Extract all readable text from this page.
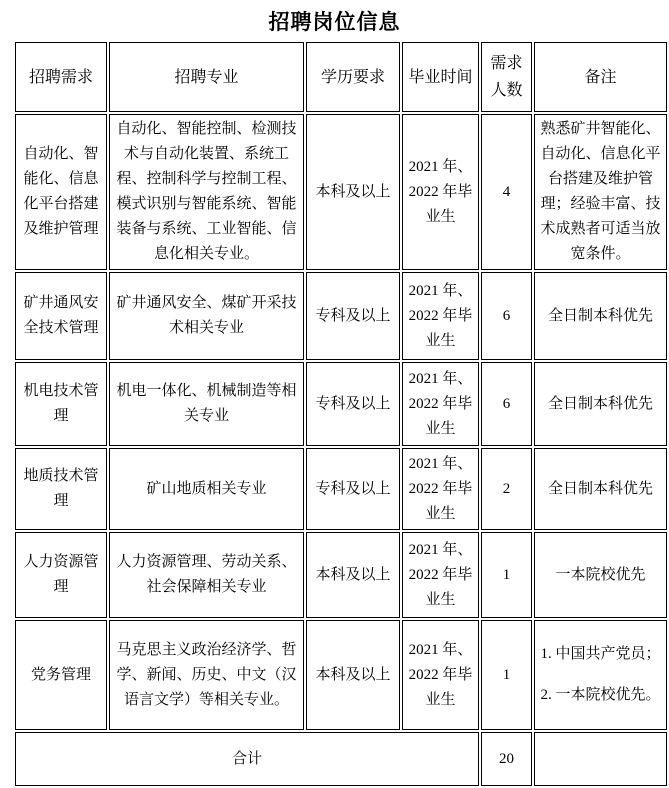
招聘岗位信息
招聘需求	招聘专业	学历要求	毕业时间	需求人数	备注
自动化、智能化、信息化平台搭建及维护管理	自动化、智能控制、检测技术与自动化装置、系统工程、控制科学与控制工程、模式识别与智能系统、智能装备与系统、工业智能、信息化相关专业。	本科及以上	2021 年、2022 年毕业生	4	熟悉矿井智能化、自动化、信息化平台搭建及维护管理；经验丰富、技术成熟者可适当放宽条件。
矿井通风安全技术管理	矿井通风安全、煤矿开采技术相关专业	专科及以上	2021 年、2022 年毕业生	6	全日制本科优先
机电技术管理	机电一体化、机械制造等相关专业	专科及以上	2021 年、2022 年毕业生	6	全日制本科优先
地质技术管理	矿山地质相关专业	专科及以上	2021 年、2022 年毕业生	2	全日制本科优先
人力资源管理	人力资源管理、劳动关系、社会保障相关专业	本科及以上	2021 年、2022 年毕业生	1	一本院校优先
党务管理	马克思主义政治经济学、哲学、新闻、历史、中文（汉语言文学）等相关专业。	本科及以上	2021 年、2022 年毕业生	1	1. 中国共产党员；
2. 一本院校优先。

合计				20	
